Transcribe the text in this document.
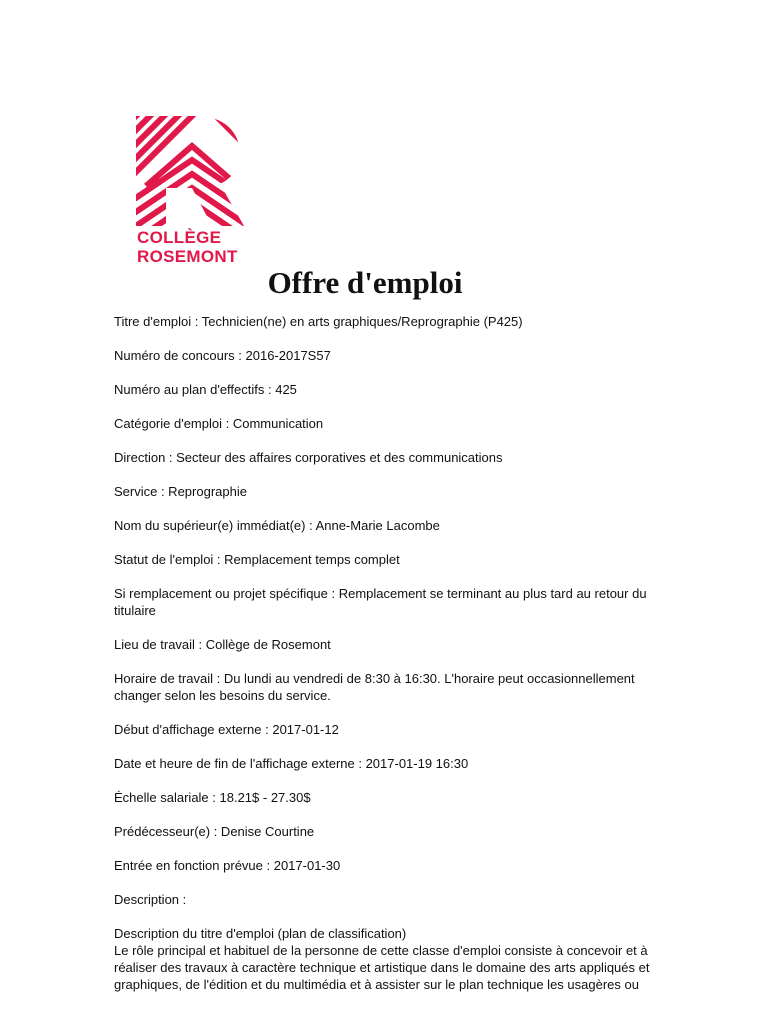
COLLÈGE
ROSEMONT
Offre d'emploi
Titre d'emploi : Technicien(ne) en arts graphiques/Reprographie (P425)
Numéro de concours : 2016-2017S57
Numéro au plan d'effectifs : 425
Catégorie d'emploi : Communication
Direction : Secteur des affaires corporatives et des communications
Service : Reprographie
Nom du supérieur(e) immédiat(e) : Anne-Marie Lacombe
Statut de l'emploi : Remplacement temps complet
Si remplacement ou projet spécifique : Remplacement se terminant au plus tard au retour du titulaire
Lieu de travail : Collège de Rosemont
Horaire de travail : Du lundi au vendredi de 8:30 à 16:30. L'horaire peut occasionnellement changer selon les besoins du service.
Début d'affichage externe : 2017-01-12
Date et heure de fin de l'affichage externe : 2017-01-19 16:30
Échelle salariale : 18.21$ - 27.30$
Prédécesseur(e) : Denise Courtine
Entrée en fonction prévue : 2017-01-30
Description :

Description du titre d'emploi (plan de classification)

Le rôle principal et habituel de la personne de cette classe d'emploi consiste à concevoir et à réaliser des travaux à caractère technique et artistique dans le domaine des arts appliqués et graphiques, de l'édition et du multimédia et à assister sur le plan technique les usagères ou
